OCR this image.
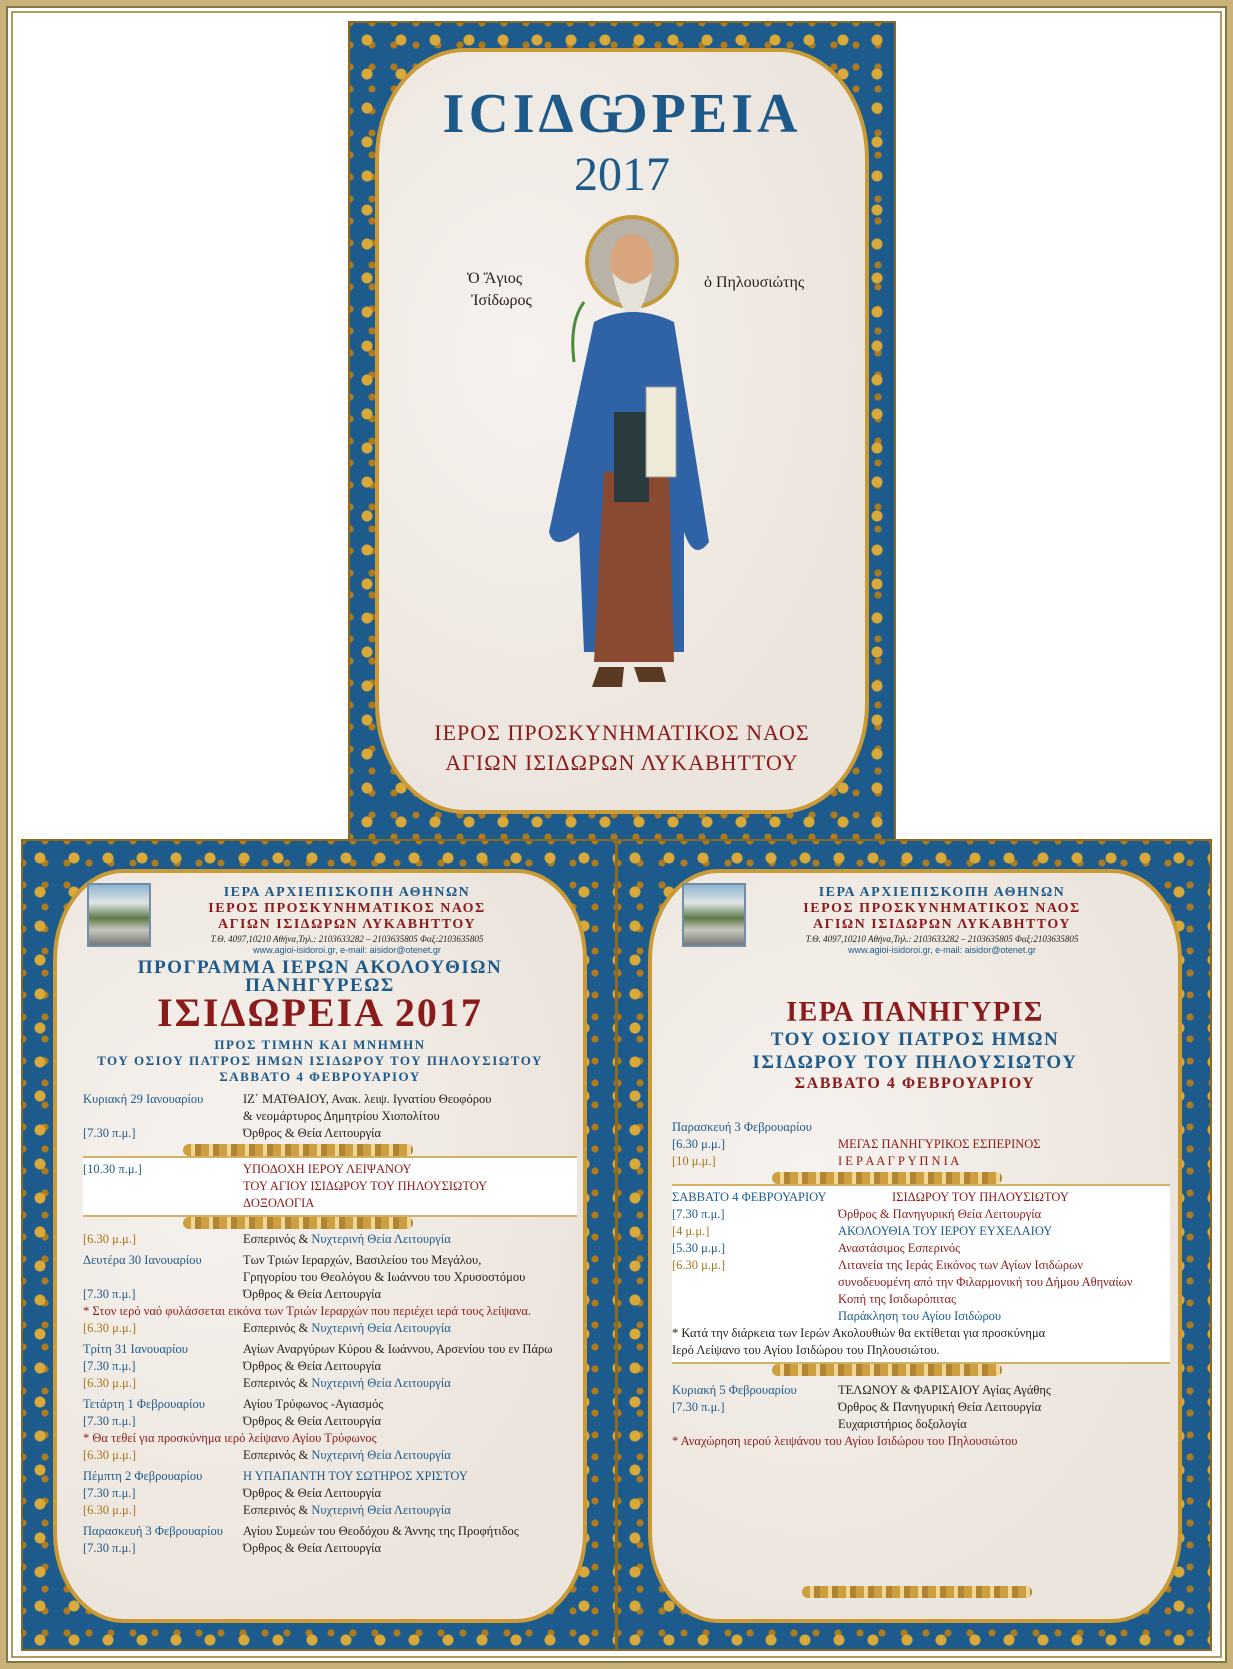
ΙϹΙΔѠΡΕΙΑ
2017
Ὁ Ἅγιος
Ἰσίδωρος
ὁ Πηλουσιώτης
ΙΕΡΟΣ ΠΡΟΣΚΥΝΗΜΑΤΙΚΟΣ ΝΑΟΣ
ΑΓΙΩΝ ΙΣΙΔΩΡΩΝ ΛΥΚΑΒΗΤΤΟΥ
ΙΕΡΑ ΑΡΧΙΕΠΙΣΚΟΠΗ ΑΘΗΝΩΝ
ΙΕΡΟΣ ΠΡΟΣΚΥΝΗΜΑΤΙΚΟΣ ΝΑΟΣ
ΑΓΙΩΝ ΙΣΙΔΩΡΩΝ ΛΥΚΑΒΗΤΤΟΥ
Τ.Θ. 4097,10210 Αθήνα,Τηλ.: 2103633282 – 2103635805 Φαξ:2103635805
www.agioi-isidoroi.gr, e-mail: aisidor@otenet.gr
ΠΡΟΓΡΑΜΜΑ ΙΕΡΩΝ ΑΚΟΛΟΥΘΙΩΝ
ΠΑΝΗΓΥΡΕΩΣ
ΙΣΙΔΩΡΕΙΑ 2017
ΠΡΟΣ ΤΙΜΗΝ ΚΑΙ ΜΝΗΜΗΝ
ΤΟΥ ΟΣΙΟΥ ΠΑΤΡΟΣ ΗΜΩΝ ΙΣΙΔΩΡΟΥ ΤΟΥ ΠΗΛΟΥΣΙΩΤΟΥ
ΣΑΒΒΑΤΟ 4 ΦΕΒΡΟΥΑΡΙΟΥ
Κυριακή 29 Ιανουαρίου	ΙΖ΄ ΜΑΤΘΑΙΟΥ, Ανακ. λειψ. Ιγνατίου Θεοφόρου
& νεομάρτυρος Δημητρίου Χιοπολίτου
[7.30 π.μ.]	Όρθρος & Θεία Λειτουργία
[10.30 π.μ.]	ΥΠΟΔΟΧΗ ΙΕΡΟΥ ΛΕΙΨΑΝΟΥ
ΤΟΥ ΑΓΙΟΥ ΙΣΙΔΩΡΟΥ ΤΟΥ ΠΗΛΟΥΣΙΩΤΟΥ
ΔΟΞΟΛΟΓΙΑ
[6.30 μ.μ.]	Εσπερινός & Νυχτερινή Θεία Λειτουργία
Δευτέρα 30 Ιανουαρίου	Των Τριών Ιεραρχών, Βασιλείου του Μεγάλου,
Γρηγορίου του Θεολόγου & Ιωάννου του Χρυσοστόμου
[7.30 π.μ.]	Όρθρος & Θεία Λειτουργία
* Στον ιερό ναό φυλάσσεται εικόνα των Τριών Ιεραρχών που περιέχει ιερά τους λείψανα.
[6.30 μ.μ.]	Εσπερινός & Νυχτερινή Θεία Λειτουργία
Τρίτη 31 Ιανουαρίου	Αγίων Αναργύρων Κύρου & Ιωάννου, Αρσενίου του εν Πάρω
[7.30 π.μ.]	Όρθρος & Θεία Λειτουργία
[6.30 μ.μ.]	Εσπερινός & Νυχτερινή Θεία Λειτουργία
Τετάρτη 1 Φεβρουαρίου	Αγίου Τρύφωνος -Αγιασμός
[7.30 π.μ.]	Όρθρος & Θεία Λειτουργία
* Θα τεθεί για προσκύνημα ιερό λείψανο Αγίου Τρύφωνος
[6.30 μ.μ.]	Εσπερινός & Νυχτερινή Θεία Λειτουργία
Πέμπτη 2 Φεβρουαρίου	Η ΥΠΑΠΑΝΤΗ ΤΟΥ ΣΩΤΗΡΟΣ ΧΡΙΣΤΟΥ
[7.30 π.μ.]	Όρθρος & Θεία Λειτουργία
[6.30 μ.μ.]	Εσπερινός & Νυχτερινή Θεία Λειτουργία
Παρασκευή 3 Φεβρουαρίου Αγίου Συμεών του Θεοδόχου & Άννης της Προφήτιδος
[7.30 π.μ.]	Όρθρος & Θεία Λειτουργία
ΙΕΡΑ ΑΡΧΙΕΠΙΣΚΟΠΗ ΑΘΗΝΩΝ
ΙΕΡΟΣ ΠΡΟΣΚΥΝΗΜΑΤΙΚΟΣ ΝΑΟΣ
ΑΓΙΩΝ ΙΣΙΔΩΡΩΝ ΛΥΚΑΒΗΤΤΟΥ
Τ.Θ. 4097,10210 Αθήνα,Τηλ.: 2103633282 – 2103635805 Φαξ:2103635805
www.agioi-isidoroi.gr, e-mail: aisidor@otenet.gr
ΙΕΡΑ ΠΑΝΗΓΥΡΙΣ
ΤΟΥ ΟΣΙΟΥ ΠΑΤΡΟΣ ΗΜΩΝ
ΙΣΙΔΩΡΟΥ ΤΟΥ ΠΗΛΟΥΣΙΩΤΟΥ
ΣΑΒΒΑΤΟ 4 ΦΕΒΡΟΥΑΡΙΟΥ
Παρασκευή 3 Φεβρουαρίου
[6.30 μ.μ.]	ΜΕΓΑΣ ΠΑΝΗΓΥΡΙΚΟΣ ΕΣΠΕΡΙΝΟΣ
[10 μ.μ.]	Ι Ε Ρ Α Α Γ Ρ Υ Π Ν Ι Α
ΣΑΒΒΑΤΟ 4 ΦΕΒΡΟΥΑΡΙΟΥ	ΙΣΙΔΩΡΟΥ ΤΟΥ ΠΗΛΟΥΣΙΩΤΟΥ
[7.30 π.μ.]	Όρθρος & Πανηγυρική Θεία Λειτουργία
[4 μ.μ.]	ΑΚΟΛΟΥΘΙΑ ΤΟΥ ΙΕΡΟΥ ΕΥΧΕΛΑΙΟΥ
[5.30 μ.μ.]	Αναστάσιμος Εσπερινός
[6.30 μ.μ.]	Λιτανεία της Ιεράς Εικόνος των Αγίων Ισιδώρων
συνοδευομένη από την Φιλαρμονική του Δήμου Αθηναίων
Κοπή της Ισιδωρόπιτας
Παράκληση του Αγίου Ισιδώρου
* Κατά την διάρκεια των Ιερών Ακολουθιών θα εκτίθεται για προσκύνημα
Ιερό Λείψανο του Αγίου Ισιδώρου του Πηλουσιώτου.
Κυριακή 5 Φεβρουαρίου	ΤΕΛΩΝΟΥ & ΦΑΡΙΣΑΙΟΥ Αγίας Αγάθης
[7.30 π.μ.]	Όρθρος & Πανηγυρική Θεία Λειτουργία
Ευχαριστήριος δοξολογία
* Αναχώρηση ιερού λειψάνου του Αγίου Ισιδώρου του Πηλουσιώτου
